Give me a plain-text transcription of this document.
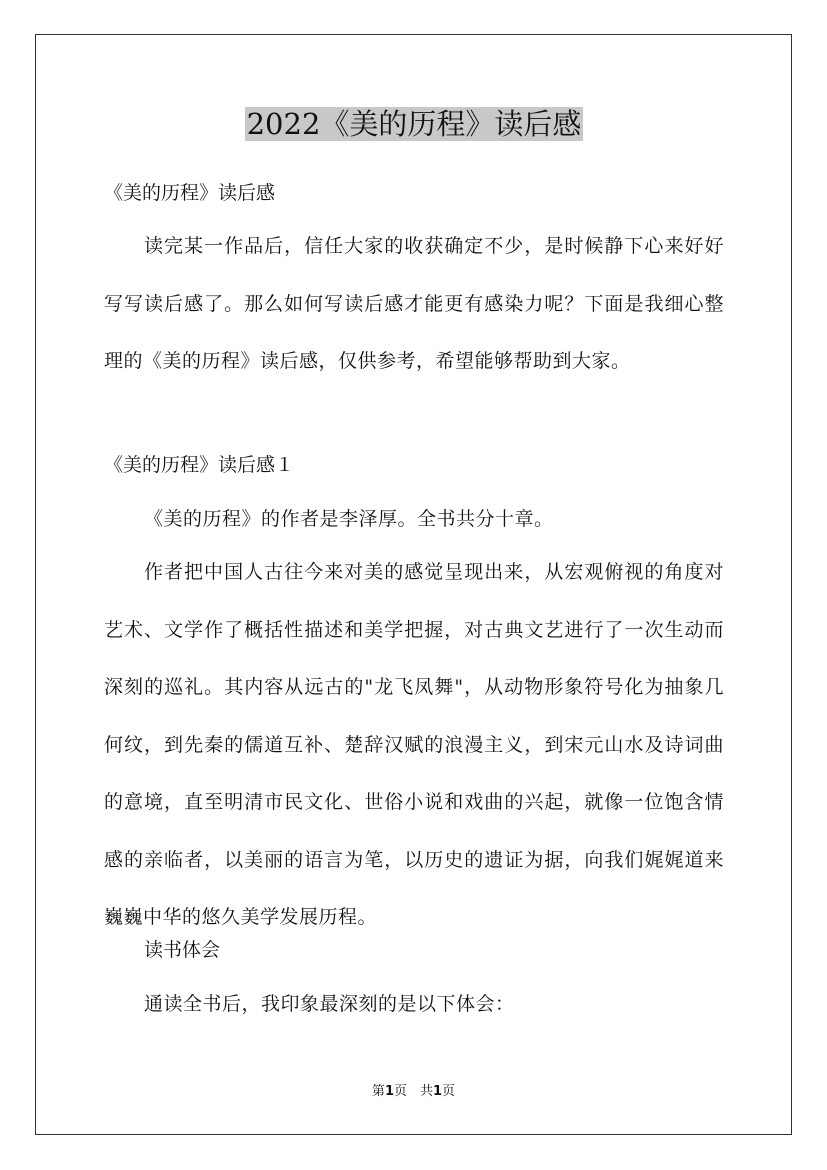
2022《美的历程》读后感

《美的历程》读后感

读完某一作品后，信任大家的收获确定不少，是时候静下心来好好写写读后感了。那么如何写读后感才能更有感染力呢？下面是我细心整理的《美的历程》读后感，仅供参考，希望能够帮助到大家。

《美的历程》读后感１

《美的历程》的作者是李泽厚。全书共分十章。

作者把中国人古往今来对美的感觉呈现出来，从宏观俯视的角度对艺术、文学作了概括性描述和美学把握，对古典文艺进行了一次生动而深刻的巡礼。其内容从远古的"龙飞凤舞"，从动物形象符号化为抽象几何纹，到先秦的儒道互补、楚辞汉赋的浪漫主义，到宋元山水及诗词曲的意境，直至明清市民文化、世俗小说和戏曲的兴起，就像一位饱含情感的亲临者，以美丽的语言为笔，以历史的遗证为据，向我们娓娓道来巍巍中华的悠久美学发展历程。

读书体会

通读全书后，我印象最深刻的是以下体会：

第1页　共1页
